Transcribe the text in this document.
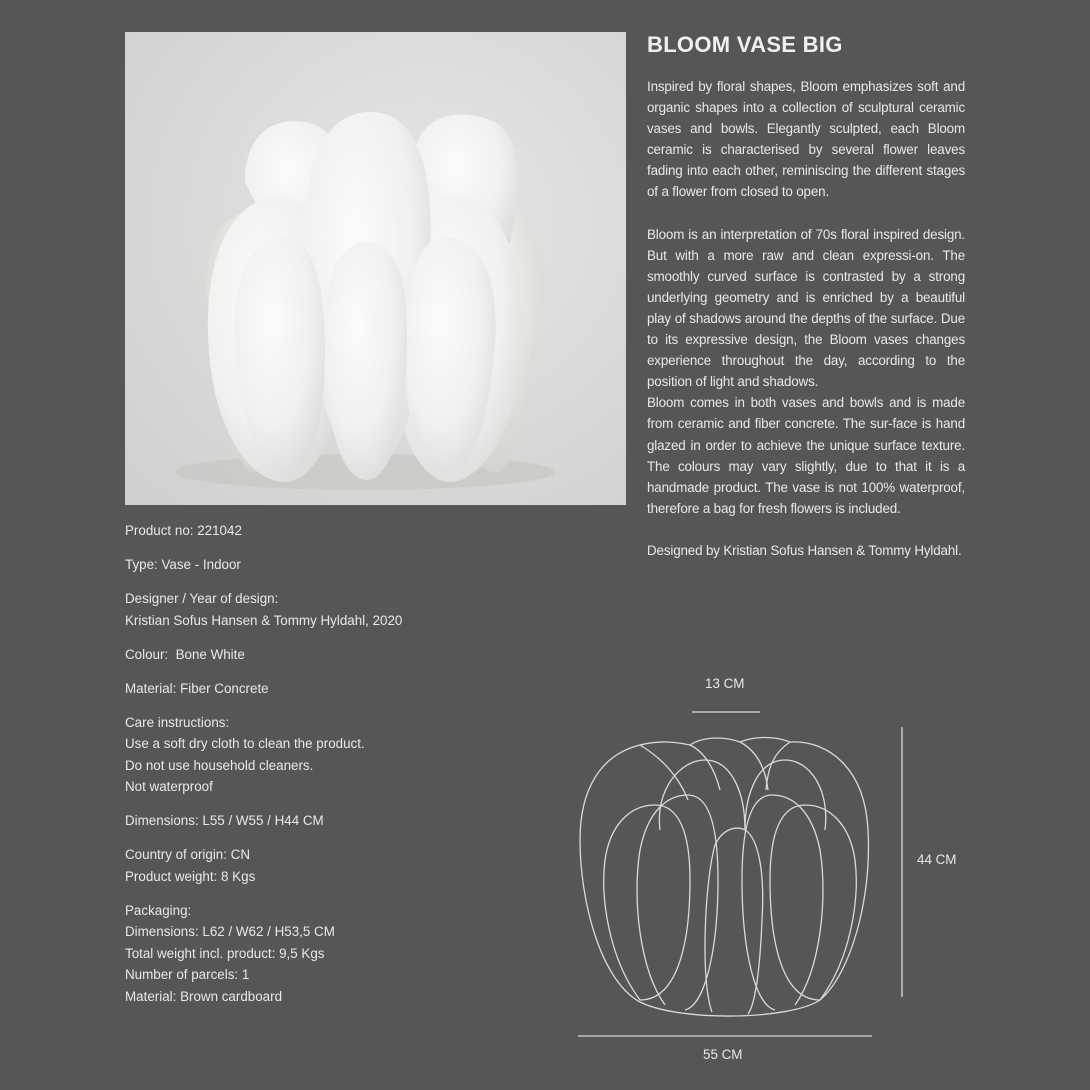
BLOOM VASE BIG

Inspired by floral shapes, Bloom emphasizes soft and organic shapes into a collection of sculptural ceramic vases and bowls. Elegantly sculpted, each Bloom ceramic is characterised by several flower leaves fading into each other, reminiscing the different stages of a flower from closed to open.

Bloom is an interpretation of 70s floral inspired design. But with a more raw and clean expressi-on. The smoothly curved surface is contrasted by a strong underlying geometry and is enriched by a beautiful play of shadows around the depths of the surface. Due to its expressive design, the Bloom vases changes experience throughout the day, according to the position of light and shadows.

Bloom comes in both vases and bowls and is made from ceramic and fiber concrete. The sur-face is hand glazed in order to achieve the unique surface texture. The colours may vary slightly, due to that it is a handmade product. The vase is not 100% waterproof, therefore a bag for fresh flowers is included.

Designed by Kristian Sofus Hansen & Tommy Hyldahl.

Product no: 221042
Type: Vase - Indoor
Designer / Year of design:
Kristian Sofus Hansen & Tommy Hyldahl, 2020
Colour:  Bone White
Material: Fiber Concrete
Care instructions:
Use a soft dry cloth to clean the product.
Do not use household cleaners.
Not waterproof
Dimensions: L55 / W55 / H44 CM
Country of origin: CN
Product weight: 8 Kgs
Packaging:
Dimensions: L62 / W62 / H53,5 CM
Total weight incl. product: 9,5 Kgs
Number of parcels: 1
Material: Brown cardboard
13 CM
44 CM
55 CM
